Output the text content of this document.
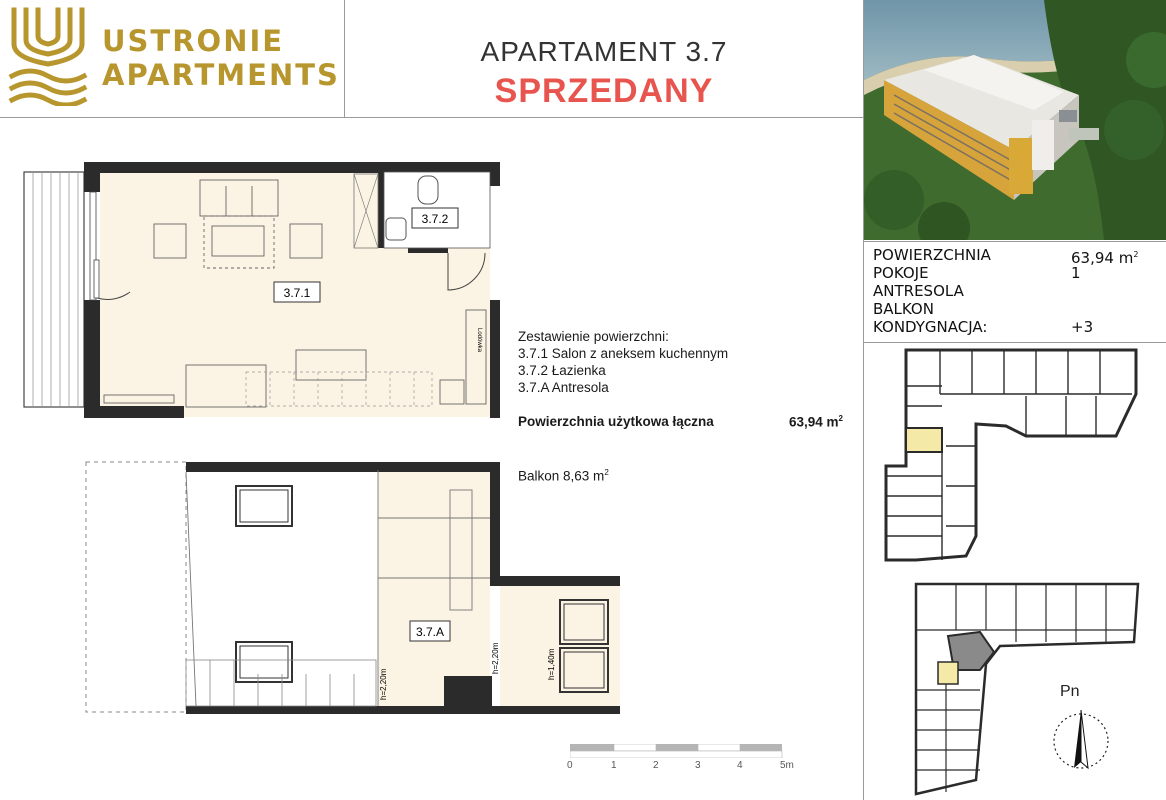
USTRONIE
APARTMENTS
APARTAMENT 3.7
SPRZEDANY
POWIERZCHNIA	63,94 $m^2$
POKOJE	1
ANTRESOLA
BALKON
KONDYGNACJA:	+3
3.7.1
3.7.2
Lodówka
3.7.A
h=2,20m
h=2,20m	h=1,40m
Zestawienie powierzchni:
3.7.1 Salon z aneksem kuchennym
3.7.2 Łazienka
3.7.A Antresola
Powierzchnia użytkowa łączna	63,94 $m^2$
Balkon 8,63 $m^2$
0	1	2	3	4	5m
Pn
